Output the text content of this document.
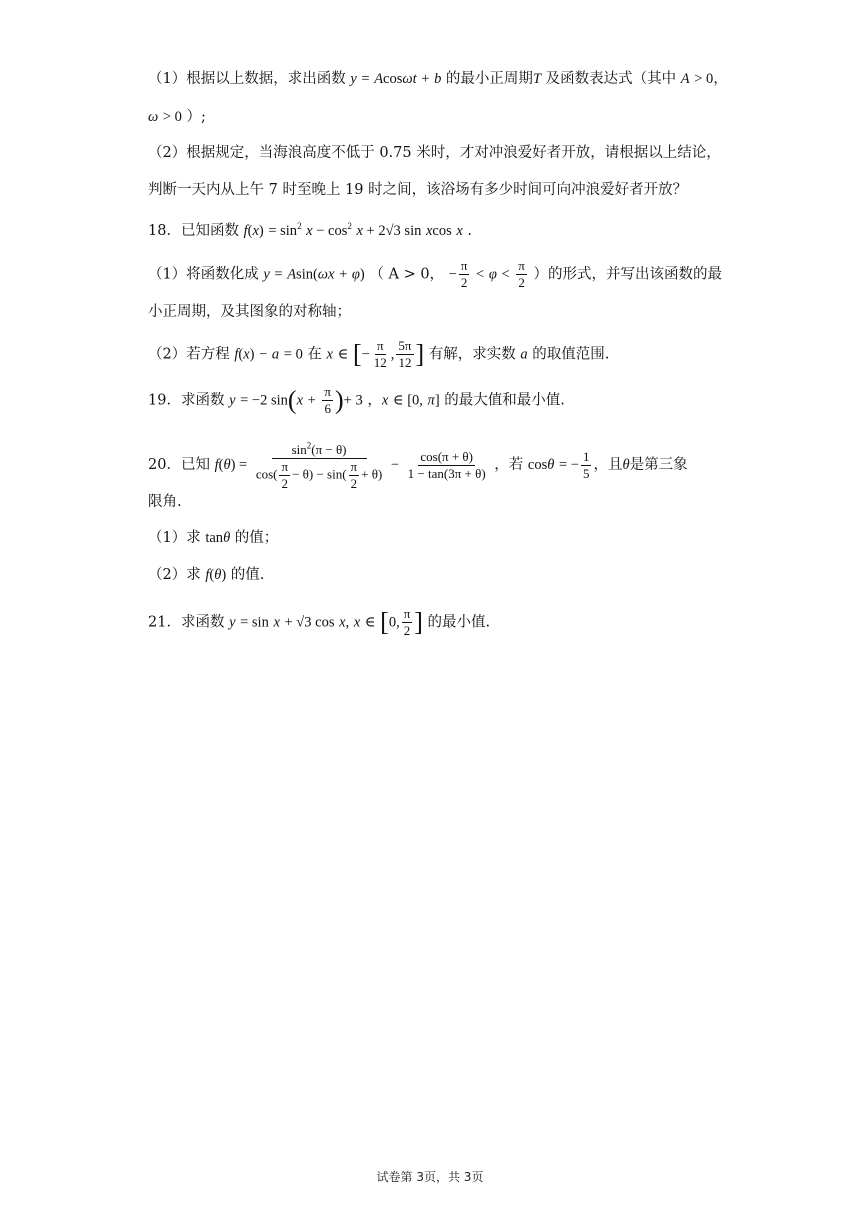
（1）根据以上数据，求出函数 y = Acosωt + b 的最小正周期T 及函数表达式（其中 A > 0，
ω > 0 ）;
（2）根据规定，当海浪高度不低于 0.75 米时，才对冲浪爱好者开放，请根据以上结论，
判断一天内从上午 7 时至晚上 19 时之间，该浴场有多少时间可向冲浪爱好者开放？
18．已知函数 $f(x) = \sin^2 x - \cos^2 x + 2√3$ sin xcos x .
（1）将函数化成 y = Asin(ωx + φ) （ A > 0， − $\frac{\pi}{2} < \varphi < \frac{\pi}{2}$ ）的形式，并写出该函数的最
小正周期，及其图象的对称轴；
（2）若方程 f(x) − a = 0 在 x ∈ [− $\frac{\pi}{12}$ , $\frac{5\pi}{12}$ ] 有解，求实数 a 的取值范围.
19．求函数 y = −2 $\sin(x + \frac{\pi}{6}$ )+ 3 ，x ∈ [0, π] 的最大值和最小值.
20．已知 $f(\theta) = \frac{\sin^2(\pi - \theta)}{\cos( \frac{\pi}{2} - \theta) - \sin( \frac{\pi}{2} + \theta)} - \frac{\cos(\pi + \theta)}{1 - \tan(3\pi + \theta)}$ ，若 cosθ = − $\frac{1}{5}$ ，且θ是第三象
限角.
（1）求 tanθ 的值；
（2）求 f(θ) 的值.
21．求函数 y = sin x + √3 cos x, x ∈ [0, $\frac{\pi}{2}$ ] 的最小值.
试卷第 3页，共 3页
